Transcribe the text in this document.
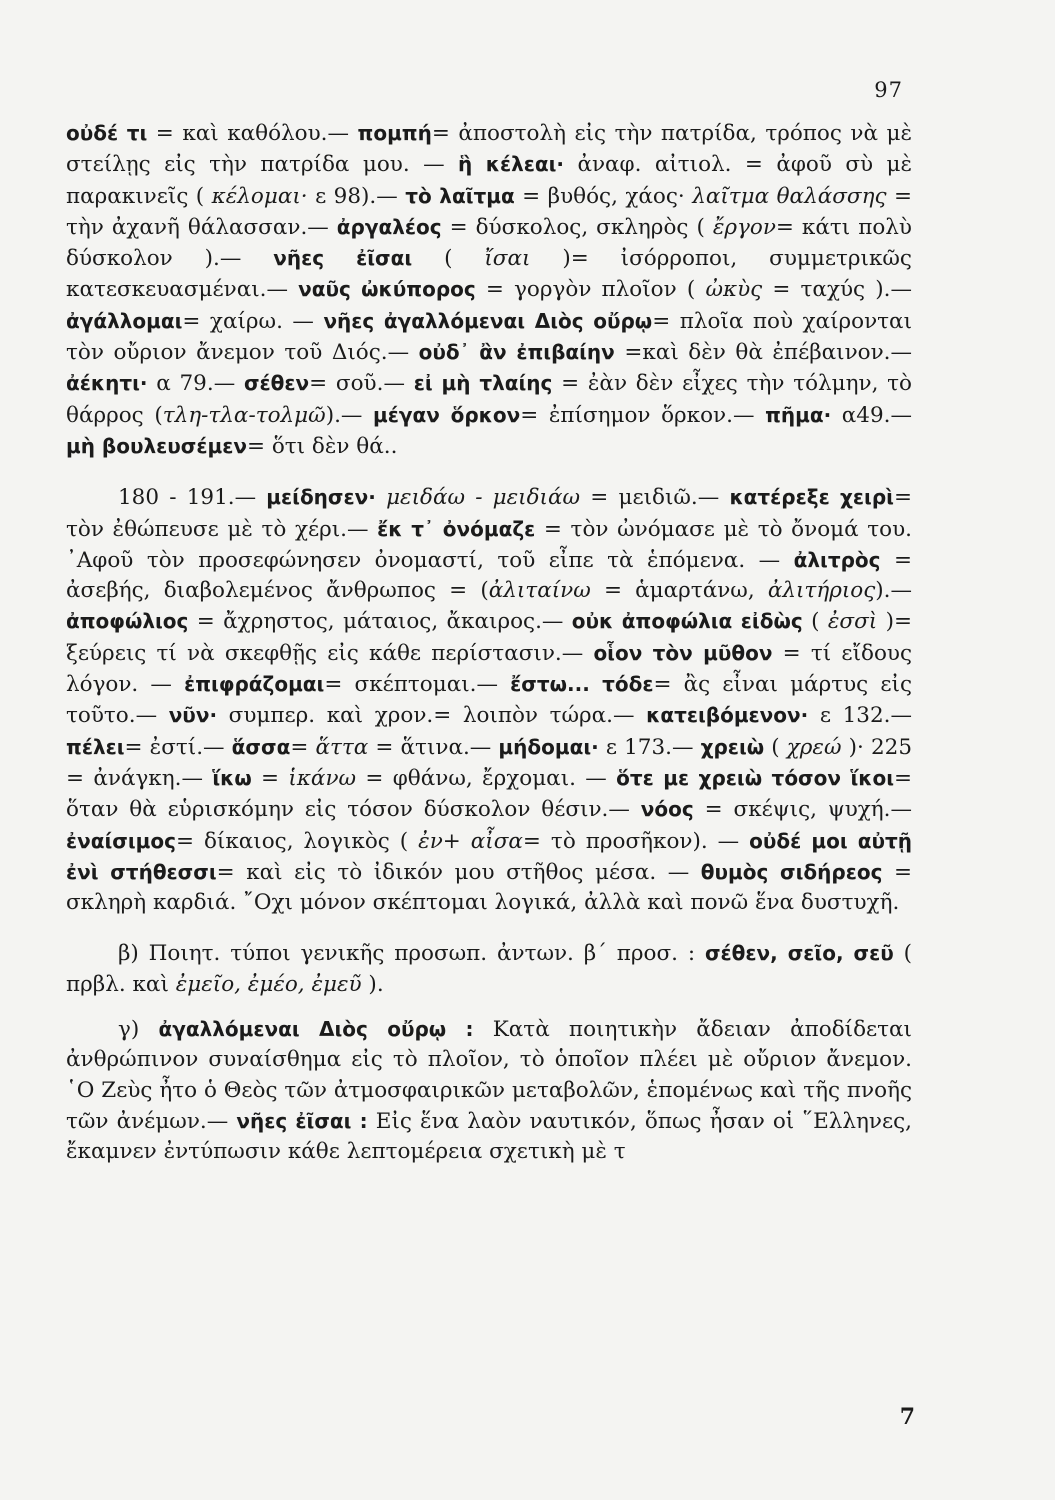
97

οὐδέ τι = καὶ καθόλου.— πομπή= ἀποστολὴ εἰς τὴν πατρίδα, τρόπος νὰ μὲ στείλῃς εἰς τὴν πατρίδα μου. — ἣ κέλεαι· ἀναφ. αἰτιολ. = ἀφοῦ σὺ μὲ παρακινεῖς ( κέλομαι· ε 98).— τὸ λαῖτμα = βυθός, χάος· λαῖτμα θαλάσσης = τὴν ἀχανῆ θάλασσαν.— ἀργαλέος = δύσκολος, σκληρὸς ( ἔργον= κάτι πολὺ δύσκολον ).— νῆες ἐῖσαι ( ἴσαι )= ἰσόρροποι, συμμετρικῶς κατεσκευασμέναι.— ναῦς ὠκύπορος = γοργὸν πλοῖον ( ὠκὺς = ταχύς ).— ἀγάλλομαι= χαίρω. — νῆες ἀγαλλόμεναι Διὸς οὔρῳ= πλοῖα ποὺ χαίρονται τὸν οὔριον ἄνεμον τοῦ Διός.— οὐδ᾽ ἂν ἐπιβαίην =καὶ δὲν θὰ ἐπέβαινον.— ἀέκητι· α 79.— σέθεν= σοῦ.— εἰ μὴ τλαίης = ἐὰν δὲν εἶχες τὴν τόλμην, τὸ θάρρος (τλη-τλα-τολμῶ).— μέγαν ὅρκον= ἐπίσημον ὅρκον.— πῆμα· α49.— μὴ βουλευσέμεν= ὅτι δὲν θά..

180 - 191.— μείδησεν· μειδάω - μειδιάω = μειδιῶ.— κατέρεξε χειρὶ= τὸν ἐθώπευσε μὲ τὸ χέρι.— ἔκ τ᾽ ὀνόμαζε = τὸν ὠνόμασε μὲ τὸ ὄνομά του. ᾿Αφοῦ τὸν προσεφώνησεν ὀνομαστί, τοῦ εἶπε τὰ ἑπόμενα. — ἀλιτρὸς = ἀσεβής, διαβολεμένος ἄνθρωπος = (ἀλιταίνω = ἁμαρτάνω, ἀλιτήριος).— ἀποφώλιος = ἄχρηστος, μάταιος, ἄκαιρος.— οὐκ ἀποφώλια εἰδὼς ( ἐσσὶ )= ξεύρεις τί νὰ σκεφθῇς εἰς κάθε περίστασιν.— οἷον τὸν μῦθον = τί εἴδους λόγον. — ἐπιφράζομαι= σκέπτομαι.— ἔστω... τόδε= ἂς εἶναι μάρτυς εἰς τοῦτο.— νῦν· συμπερ. καὶ χρον.= λοιπὸν τώρα.— κατειβόμενον· ε 132.— πέλει= ἐστί.— ἅσσα= ἅττα = ἅτινα.— μήδομαι· ε 173.— χρειὼ ( χρεώ )· 225 = ἀνάγκη.— ἵκω = ἱκάνω = φθάνω, ἔρχομαι. — ὅτε με χρειὼ τόσον ἵκοι= ὅταν θὰ εὑρισκόμην εἰς τόσον δύσκολον θέσιν.— νόος = σκέψις, ψυχή.— ἐναίσιμος= δίκαιος, λογικὸς ( ἐν+ αἶσα= τὸ προσῆκον). — οὐδέ μοι αὐτῇ ἐνὶ στήθεσσι= καὶ εἰς τὸ ἰδικόν μου στῆθος μέσα. — θυμὸς σιδήρεος = σκληρὴ καρδιά. ῎Οχι μόνον σκέπτομαι λογικά, ἀλλὰ καὶ πονῶ ἕνα δυστυχῆ.

β) Ποιητ. τύποι γενικῆς προσωπ. ἀντων. β΄ προσ. : σέθεν, σεῖο, σεῦ ( πρβλ. καὶ ἐμεῖο, ἐμέο, ἐμεῦ ).

γ) ἀγαλλόμεναι Διὸς οὔρῳ : Κατὰ ποιητικὴν ἄδειαν ἀποδίδεται ἀνθρώπινον συναίσθημα εἰς τὸ πλοῖον, τὸ ὁποῖον πλέει μὲ οὔριον ἄνεμον. ῾Ο Ζεὺς ἦτο ὁ Θεὸς τῶν ἀτμοσφαιρικῶν μεταβολῶν, ἑπομένως καὶ τῆς πνοῆς τῶν ἀνέμων.— νῆες ἐῖσαι : Εἰς ἕνα λαὸν ναυτικόν, ὅπως ἦσαν οἱ ῞Ελληνες, ἔκαμνεν ἐντύπωσιν κάθε λεπτομέρεια σχετικὴ μὲ τ

7
